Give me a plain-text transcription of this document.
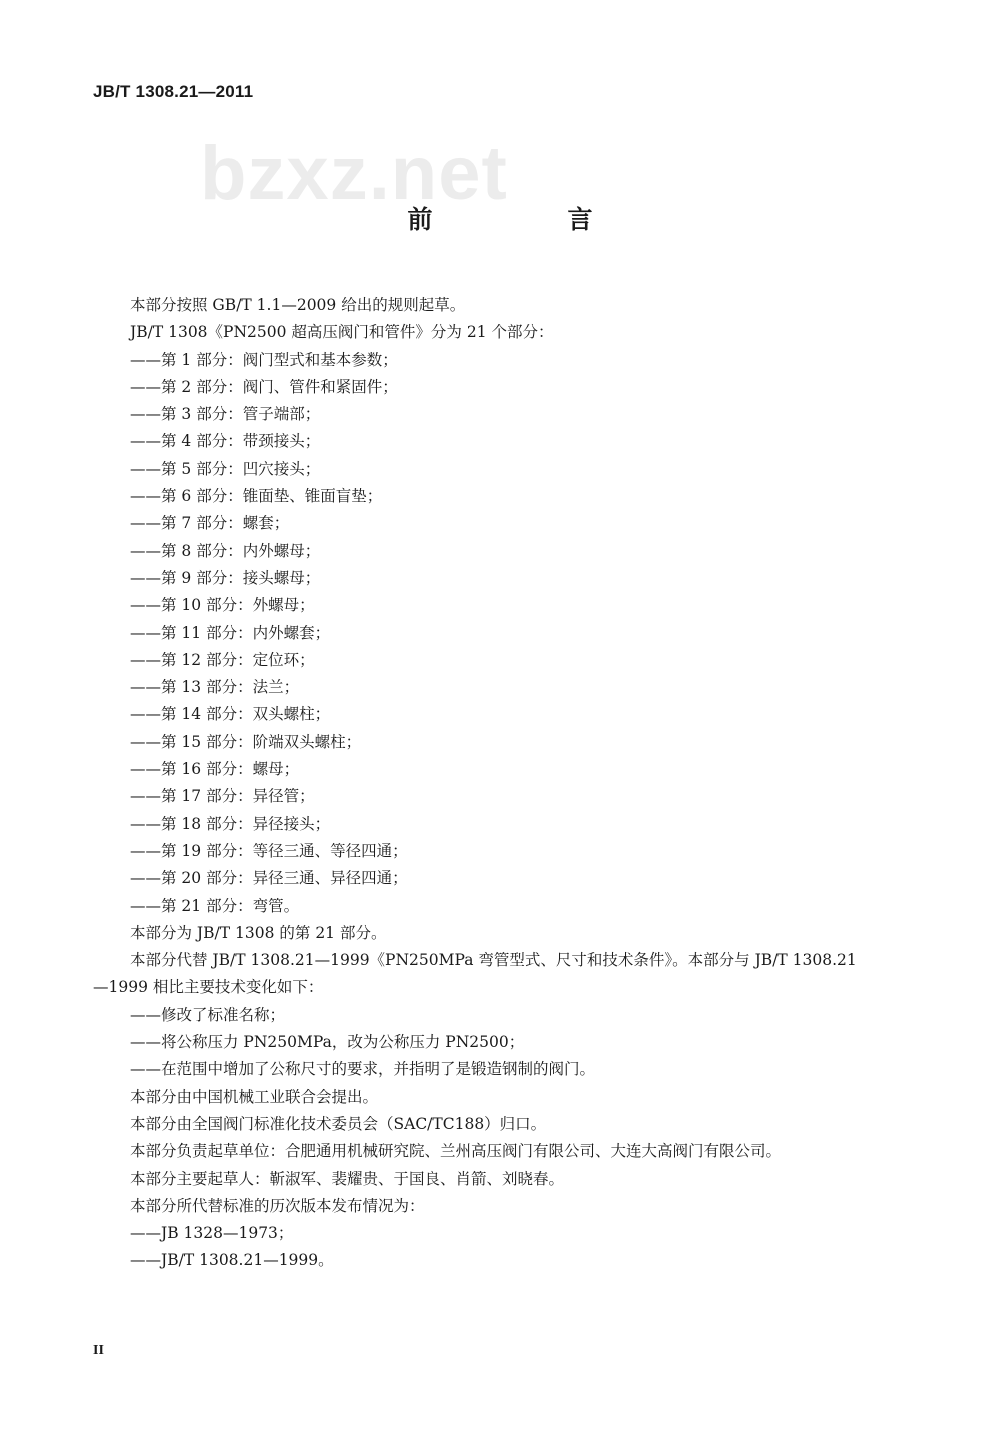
JB/T 1308.21—2011
bzxz.net
前　言
本部分按照 GB/T 1.1—2009 给出的规则起草。
JB/T 1308《PN2500 超高压阀门和管件》分为 21 个部分：
——第 1 部分：阀门型式和基本参数；
——第 2 部分：阀门、管件和紧固件；
——第 3 部分：管子端部；
——第 4 部分：带颈接头；
——第 5 部分：凹穴接头；
——第 6 部分：锥面垫、锥面盲垫；
——第 7 部分：螺套；
——第 8 部分：内外螺母；
——第 9 部分：接头螺母；
——第 10 部分：外螺母；
——第 11 部分：内外螺套；
——第 12 部分：定位环；
——第 13 部分：法兰；
——第 14 部分：双头螺柱；
——第 15 部分：阶端双头螺柱；
——第 16 部分：螺母；
——第 17 部分：异径管；
——第 18 部分：异径接头；
——第 19 部分：等径三通、等径四通；
——第 20 部分：异径三通、异径四通；
——第 21 部分：弯管。
本部分为 JB/T 1308 的第 21 部分。
本部分代替 JB/T 1308.21—1999《PN250MPa 弯管型式、尺寸和技术条件》。本部分与 JB/T 1308.21
—1999 相比主要技术变化如下：
——修改了标准名称；
——将公称压力 PN250MPa，改为公称压力 PN2500；
——在范围中增加了公称尺寸的要求，并指明了是锻造钢制的阀门。
本部分由中国机械工业联合会提出。
本部分由全国阀门标准化技术委员会（SAC/TC188）归口。
本部分负责起草单位：合肥通用机械研究院、兰州高压阀门有限公司、大连大高阀门有限公司。
本部分主要起草人：靳淑军、裴耀贵、于国良、肖箭、刘晓春。
本部分所代替标准的历次版本发布情况为：
——JB 1328—1973；
——JB/T 1308.21—1999。
II
